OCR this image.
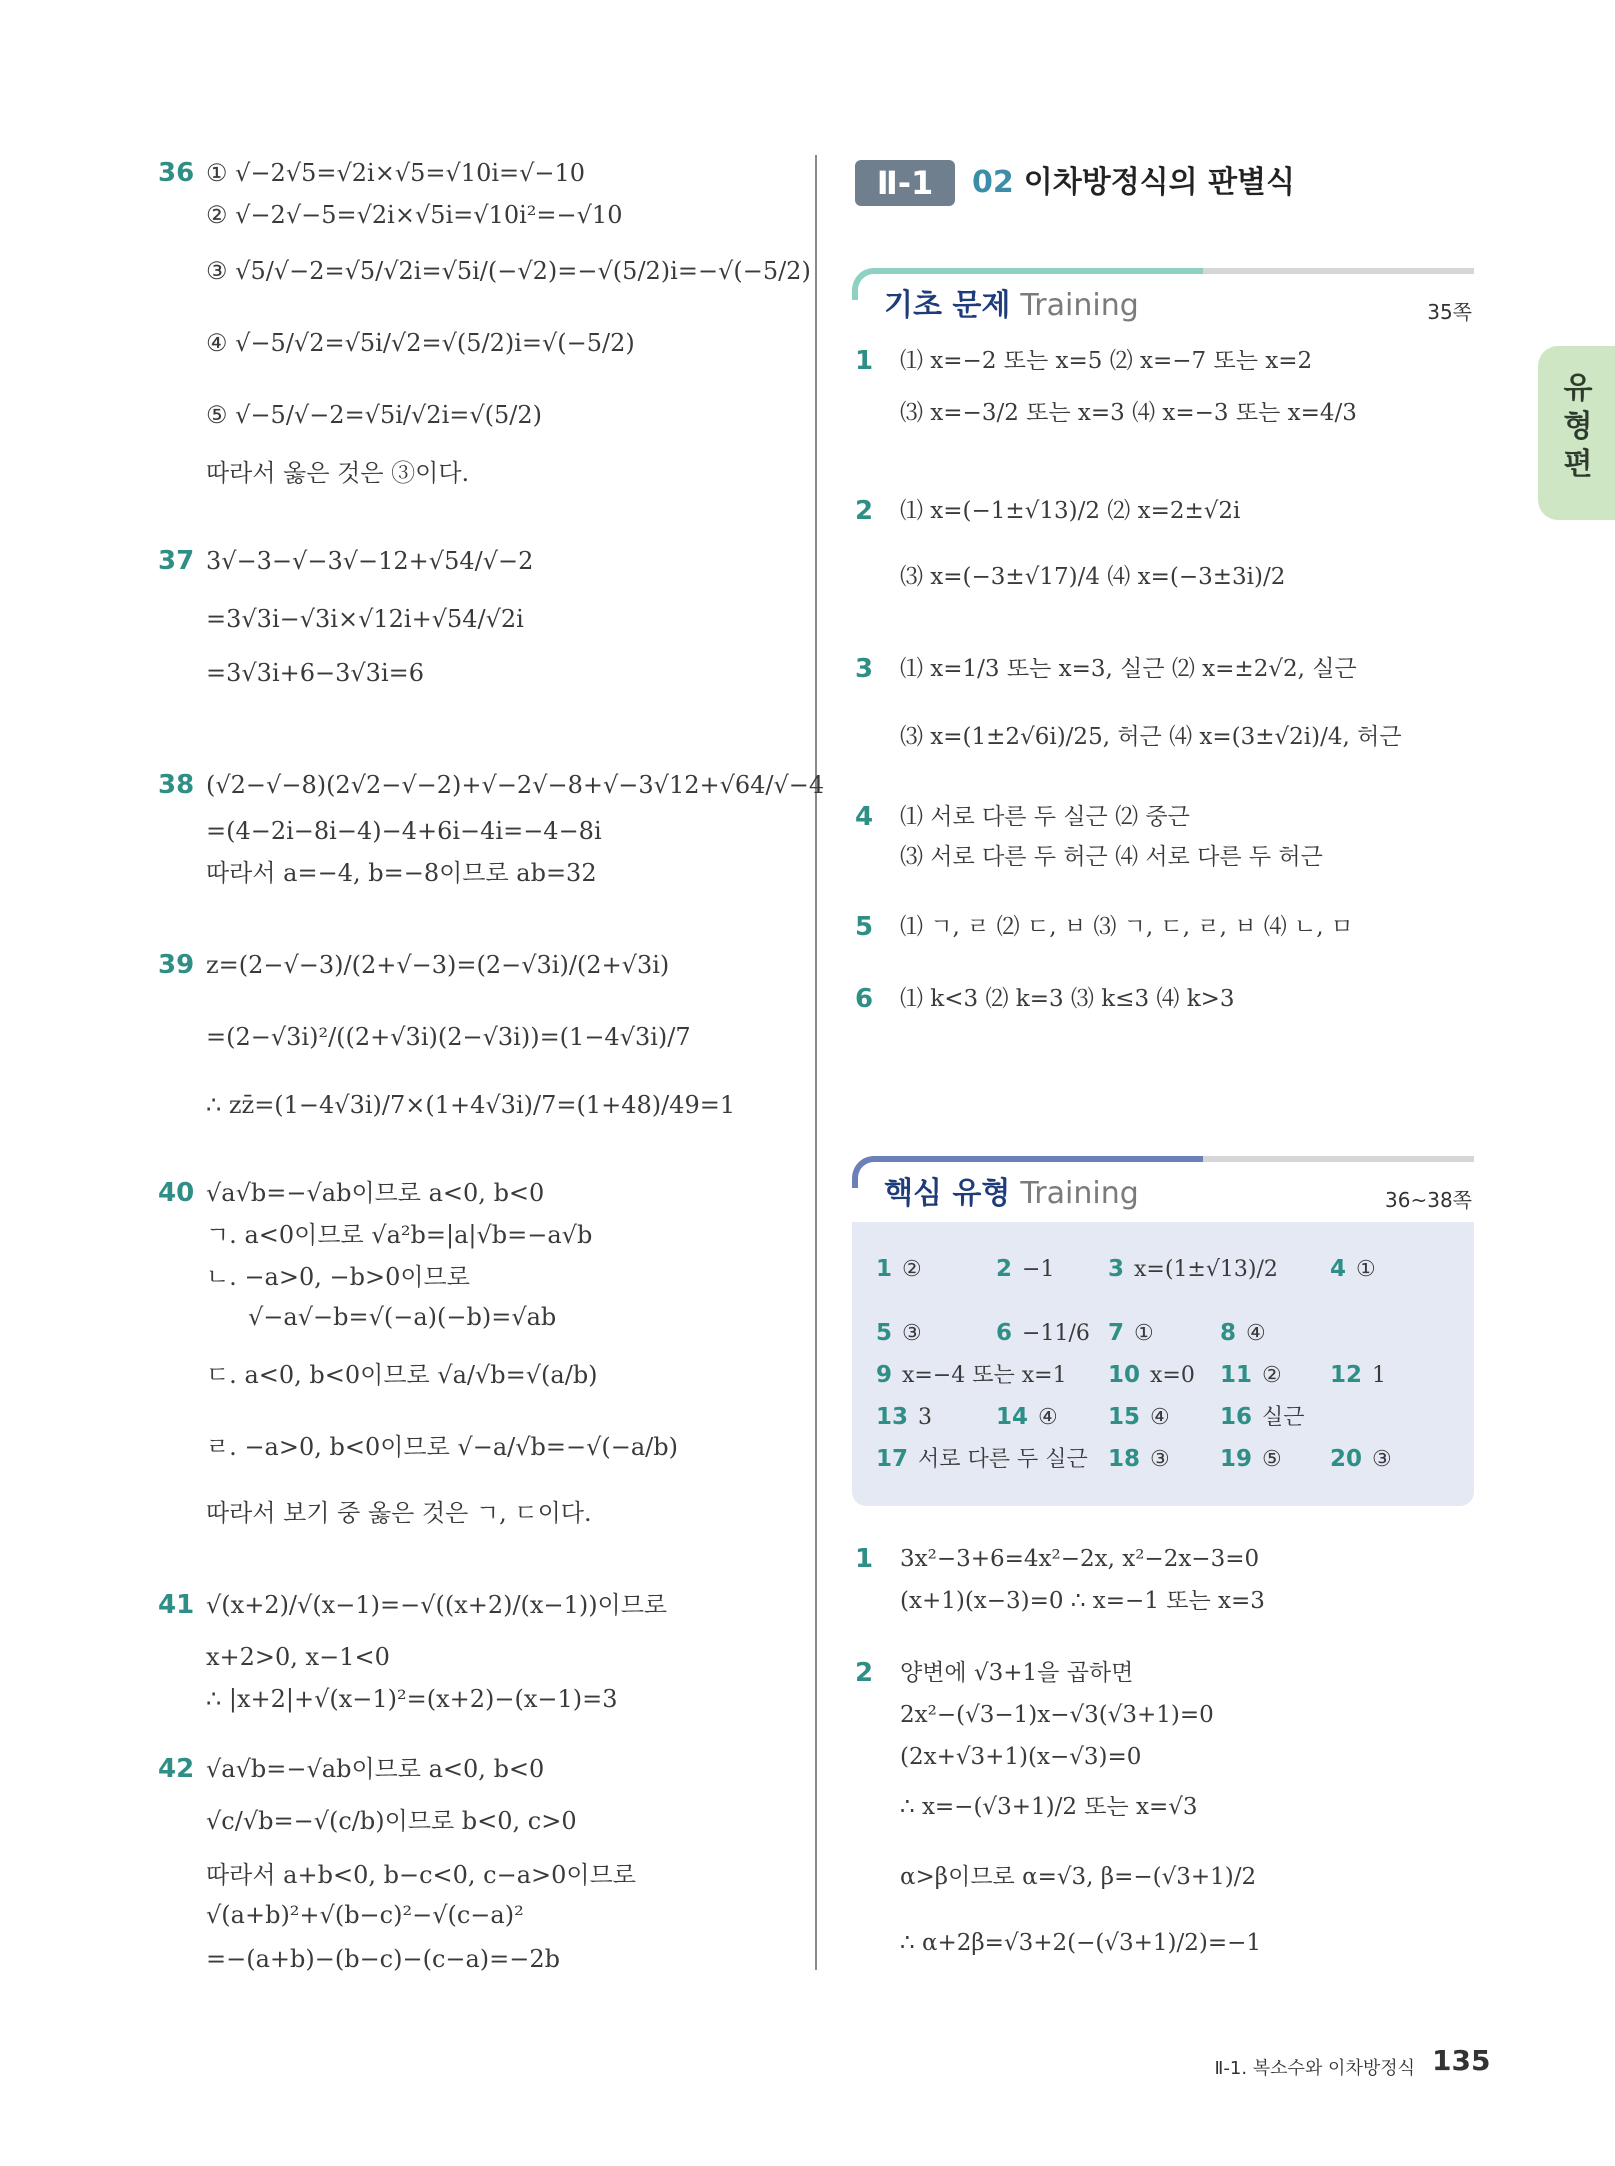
36 ① √−2√5=√2i×√5=√10i=√−10
② √−2√−5=√2i×√5i=√10i²=−√10
③ √5/√−2=√5/√2i=√5i/(−√2)=−√(5/2)i=−√(−5/2)
④ √−5/√2=√5i/√2=√(5/2)i=√(−5/2)
⑤ √−5/√−2=√5i/√2i=√(5/2)
따라서 옳은 것은 ③이다.
37 3√−3−√−3√−12+√54/√−2
=3√3i−√3i×√12i+√54/√2i
=3√3i+6−3√3i=6
38 (√2−√−8)(2√2−√−2)+√−2√−8+√−3√12+√64/√−4
=(4−2i−8i−4)−4+6i−4i=−4−8i
따라서 a=−4, b=−8이므로 ab=32
39 z=(2−√−3)/(2+√−3)=(2−√3i)/(2+√3i)
=(2−√3i)²/((2+√3i)(2−√3i))=(1−4√3i)/7
∴ zz̄=(1−4√3i)/7×(1+4√3i)/7=(1+48)/49=1
40 √a√b=−√ab이므로 a<0, b<0
ㄱ. a<0이므로 √a²b=|a|√b=−a√b
ㄴ. −a>0, −b>0이므로
√−a√−b=√(−a)(−b)=√ab
ㄷ. a<0, b<0이므로 √a/√b=√(a/b)
ㄹ. −a>0, b<0이므로 √−a/√b=−√(−a/b)
따라서 보기 중 옳은 것은 ㄱ, ㄷ이다.
41 √(x+2)/√(x−1)=−√((x+2)/(x−1))이므로
x+2>0, x−1<0
∴ |x+2|+√(x−1)²=(x+2)−(x−1)=3
42 √a√b=−√ab이므로 a<0, b<0
√c/√b=−√(c/b)이므로 b<0, c>0
따라서 a+b<0, b−c<0, c−a>0이므로
√(a+b)²+√(b−c)²−√(c−a)²
=−(a+b)−(b−c)−(c−a)=−2b
Ⅱ-1	02 이차방정식의 판별식
기초 문제 Training	35쪽
1 ⑴ x=−2 또는 x=5 ⑵ x=−7 또는 x=2
⑶ x=−3/2 또는 x=3 ⑷ x=−3 또는 x=4/3
2 ⑴ x=(−1±√13)/2 ⑵ x=2±√2i
⑶ x=(−3±√17)/4 ⑷ x=(−3±3i)/2
3 ⑴ x=1/3 또는 x=3, 실근 ⑵ x=±2√2, 실근
⑶ x=(1±2√6i)/25, 허근 ⑷ x=(3±√2i)/4, 허근
4 ⑴ 서로 다른 두 실근 ⑵ 중근
⑶ 서로 다른 두 허근 ⑷ 서로 다른 두 허근
5 ⑴ ㄱ, ㄹ ⑵ ㄷ, ㅂ ⑶ ㄱ, ㄷ, ㄹ, ㅂ ⑷ ㄴ, ㅁ
6 ⑴ k<3 ⑵ k=3 ⑶ k≤3 ⑷ k>3
핵심 유형 Training	36~38쪽
1 ②	2 −1 3 x=(1±√13)/2 4 ①
5 ③	6 −11/6 7 ①	8 ④
9 x=−4 또는 x=1 10 x=0 11 ② 12 1
13 3	14 ④ 15 ④ 16 실근
17 서로 다른 두 실근 18 ③ 19 ⑤ 20 ③
1 3x²−3+6=4x²−2x, x²−2x−3=0
(x+1)(x−3)=0 ∴ x=−1 또는 x=3
2 양변에 √3+1을 곱하면
2x²−(√3−1)x−√3(√3+1)=0
(2x+√3+1)(x−√3)=0
∴ x=−(√3+1)/2 또는 x=√3
α>β이므로 α=√3, β=−(√3+1)/2
∴ α+2β=√3+2(−(√3+1)/2)=−1
유형편
Ⅱ-1. 복소수와 이차방정식 135
